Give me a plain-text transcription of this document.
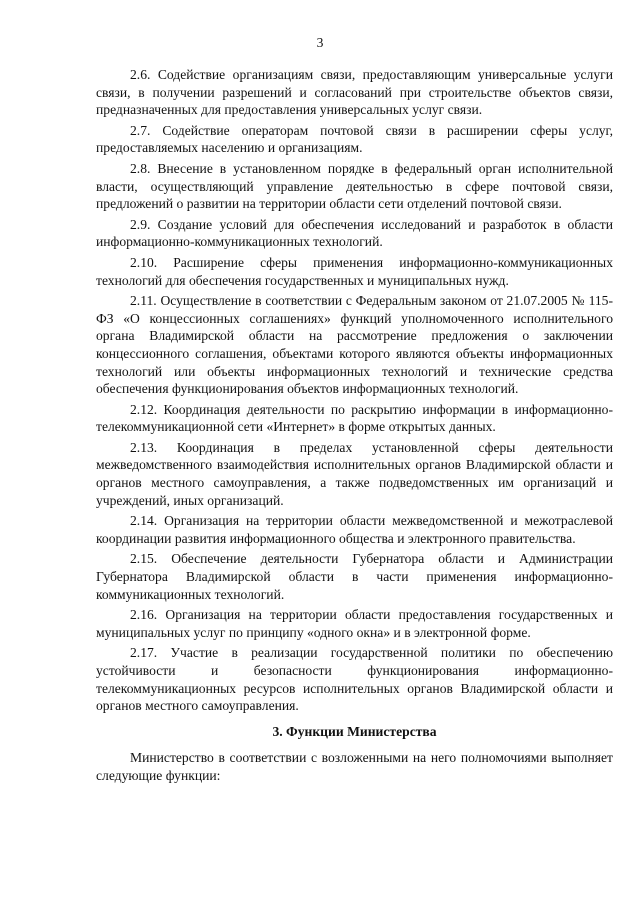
3

2.6. Содействие организациям связи, предоставляющим универсальные услуги связи, в получении разрешений и согласований при строительстве объектов связи, предназначенных для предоставления универсальных услуг связи.

2.7. Содействие операторам почтовой связи в расширении сферы услуг, предоставляемых населению и организациям.

2.8. Внесение в установленном порядке в федеральный орган исполнительной власти, осуществляющий управление деятельностью в сфере почтовой связи, предложений о развитии на территории области сети отделений почтовой связи.

2.9. Создание условий для обеспечения исследований и разработок в области информационно-коммуникационных технологий.

2.10. Расширение сферы применения информационно-коммуникационных технологий для обеспечения государственных и муниципальных нужд.

2.11. Осуществление в соответствии с Федеральным законом от 21.07.2005 № 115-ФЗ «О концессионных соглашениях» функций уполномоченного исполнительного органа Владимирской области на рассмотрение предложения о заключении концессионного соглашения, объектами которого являются объекты информационных технологий или объекты информационных технологий и технические средства обеспечения функционирования объектов информационных технологий.

2.12. Координация деятельности по раскрытию информации в информационно-телекоммуникационной сети «Интернет» в форме открытых данных.

2.13. Координация в пределах установленной сферы деятельности межведомственного взаимодействия исполнительных органов Владимирской области и органов местного самоуправления, а также подведомственных им организаций и учреждений, иных организаций.

2.14. Организация на территории области межведомственной и межотраслевой координации развития информационного общества и электронного правительства.

2.15. Обеспечение деятельности Губернатора области и Администрации Губернатора Владимирской области в части применения информационно-коммуникационных технологий.

2.16. Организация на территории области предоставления государственных и муниципальных услуг по принципу «одного окна» и в электронной форме.

2.17. Участие в реализации государственной политики по обеспечению устойчивости и безопасности функционирования информационно-телекоммуникационных ресурсов исполнительных органов Владимирской области и органов местного самоуправления.

3. Функции Министерства

Министерство в соответствии с возложенными на него полномочиями выполняет следующие функции:
